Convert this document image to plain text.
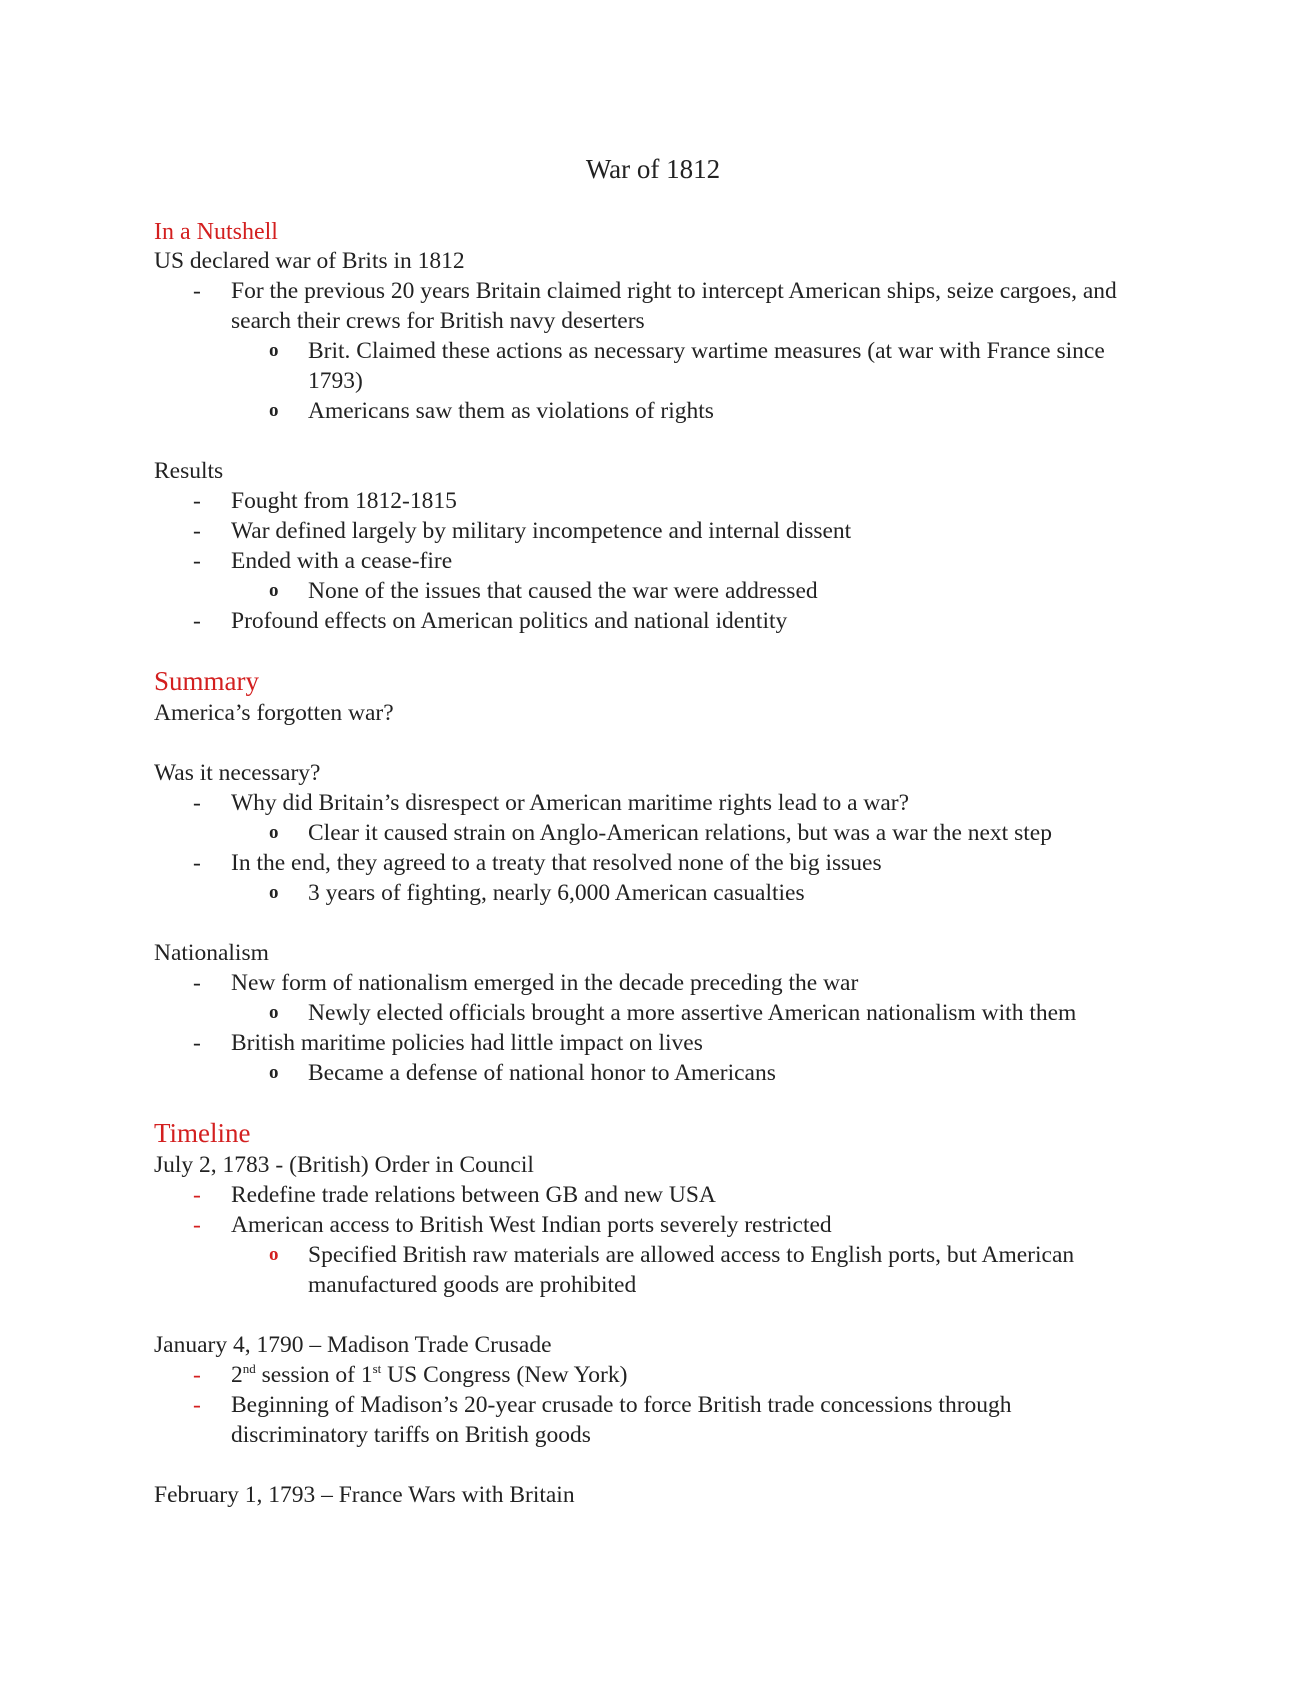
War of 1812
In a Nutshell
US declared war of Brits in 1812
- For the previous 20 years Britain claimed right to intercept American ships, seize cargoes, and search their crews for British navy deserters
o Brit. Claimed these actions as necessary wartime measures (at war with France since 1793)
o Americans saw them as violations of rights
Results
- Fought from 1812-1815
- War defined largely by military incompetence and internal dissent
- Ended with a cease-fire
o None of the issues that caused the war were addressed
- Profound effects on American politics and national identity
Summary
America’s forgotten war?
Was it necessary?
- Why did Britain’s disrespect or American maritime rights lead to a war?
o Clear it caused strain on Anglo-American relations, but was a war the next step
- In the end, they agreed to a treaty that resolved none of the big issues
o 3 years of fighting, nearly 6,000 American casualties
Nationalism
- New form of nationalism emerged in the decade preceding the war
o Newly elected officials brought a more assertive American nationalism with them
- British maritime policies had little impact on lives
o Became a defense of national honor to Americans
Timeline
July 2, 1783 - (British) Order in Council
- Redefine trade relations between GB and new USA
- American access to British West Indian ports severely restricted
o Specified British raw materials are allowed access to English ports, but American manufactured goods are prohibited
January 4, 1790 – Madison Trade Crusade
- 2nd session of 1st US Congress (New York)
- Beginning of Madison’s 20-year crusade to force British trade concessions through discriminatory tariffs on British goods
February 1, 1793 – France Wars with Britain
